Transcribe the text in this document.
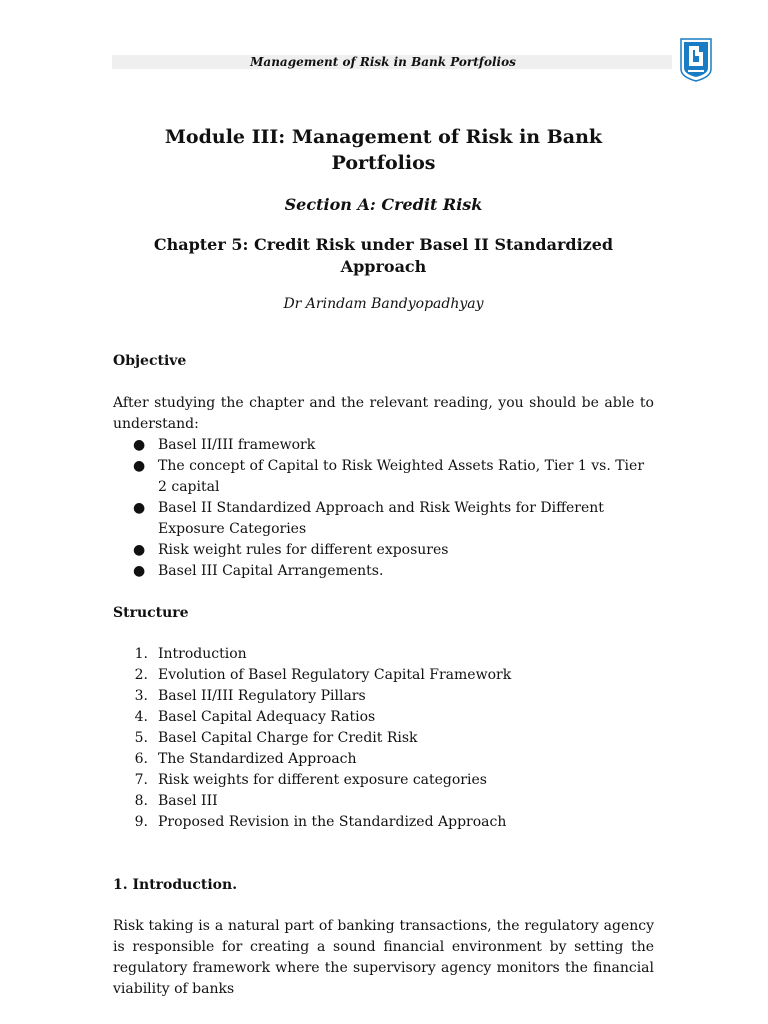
Management of Risk in Bank Portfolios

Module III: Management of Risk in Bank Portfolios

Section A: Credit Risk

Chapter 5: Credit Risk under Basel II Standardized Approach

Dr Arindam Bandyopadhyay

Objective

After studying the chapter and the relevant reading, you should be able to understand:

● Basel II/III framework
● The concept of Capital to Risk Weighted Assets Ratio, Tier 1 vs. Tier 2 capital
● Basel II Standardized Approach and Risk Weights for Different Exposure Categories
● Risk weight rules for different exposures
● Basel III Capital Arrangements.

Structure

1. Introduction
2. Evolution of Basel Regulatory Capital Framework
3. Basel II/III Regulatory Pillars
4. Basel Capital Adequacy Ratios
5. Basel Capital Charge for Credit Risk
6. The Standardized Approach
7. Risk weights for different exposure categories
8. Basel III
9. Proposed Revision in the Standardized Approach

1. Introduction.

Risk taking is a natural part of banking transactions, the regulatory agency is responsible for creating a sound financial environment by setting the regulatory framework where the supervisory agency monitors the financial viability of banks
